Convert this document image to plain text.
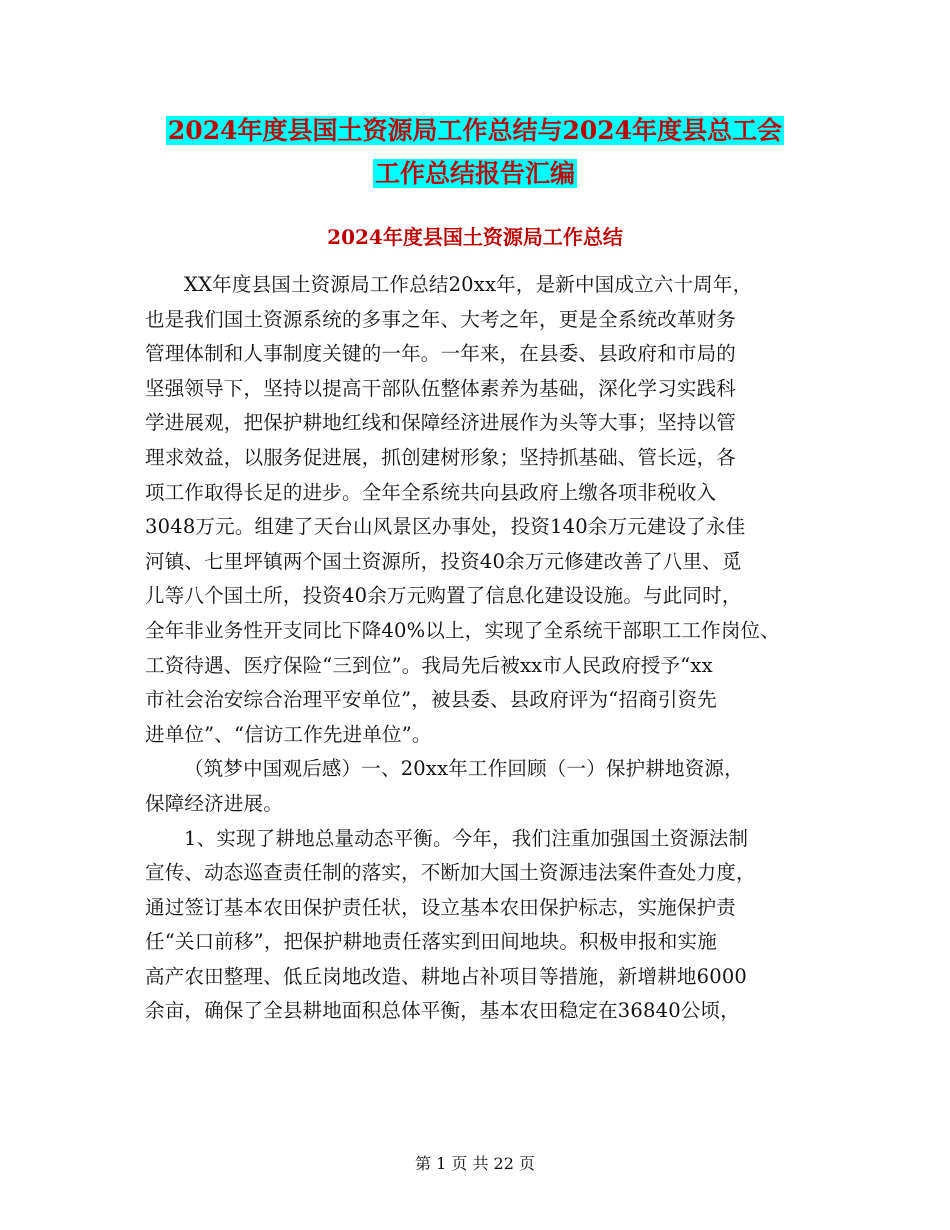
2024年度县国土资源局工作总结与2024年度县总工会
工作总结报告汇编
2024年度县国土资源局工作总结
XX年度县国土资源局工作总结20xx年，是新中国成立六十周年，
也是我们国土资源系统的多事之年、大考之年，更是全系统改革财务
管理体制和人事制度关键的一年。一年来，在县委、县政府和市局的
坚强领导下，坚持以提高干部队伍整体素养为基础，深化学习实践科
学进展观，把保护耕地红线和保障经济进展作为头等大事；坚持以管
理求效益，以服务促进展，抓创建树形象；坚持抓基础、管长远，各
项工作取得长足的进步。全年全系统共向县政府上缴各项非税收入
3048万元。组建了天台山风景区办事处，投资140余万元建设了永佳
河镇、七里坪镇两个国土资源所，投资40余万元修建改善了八里、觅
儿等八个国土所，投资40余万元购置了信息化建设设施。与此同时，
全年非业务性开支同比下降40%以上，实现了全系统干部职工工作岗位、
工资待遇、医疗保险“三到位”。我局先后被xx市人民政府授予“xx
市社会治安综合治理平安单位”，被县委、县政府评为“招商引资先
进单位”、“信访工作先进单位”。
（筑梦中国观后感）一、20xx年工作回顾（一）保护耕地资源，
保障经济进展。
1、实现了耕地总量动态平衡。今年，我们注重加强国土资源法制
宣传、动态巡查责任制的落实，不断加大国土资源违法案件查处力度，
通过签订基本农田保护责任状，设立基本农田保护标志，实施保护责
任“关口前移”，把保护耕地责任落实到田间地块。积极申报和实施
高产农田整理、低丘岗地改造、耕地占补项目等措施，新增耕地6000
余亩，确保了全县耕地面积总体平衡，基本农田稳定在36840公顷，
第 1 页 共 22 页
